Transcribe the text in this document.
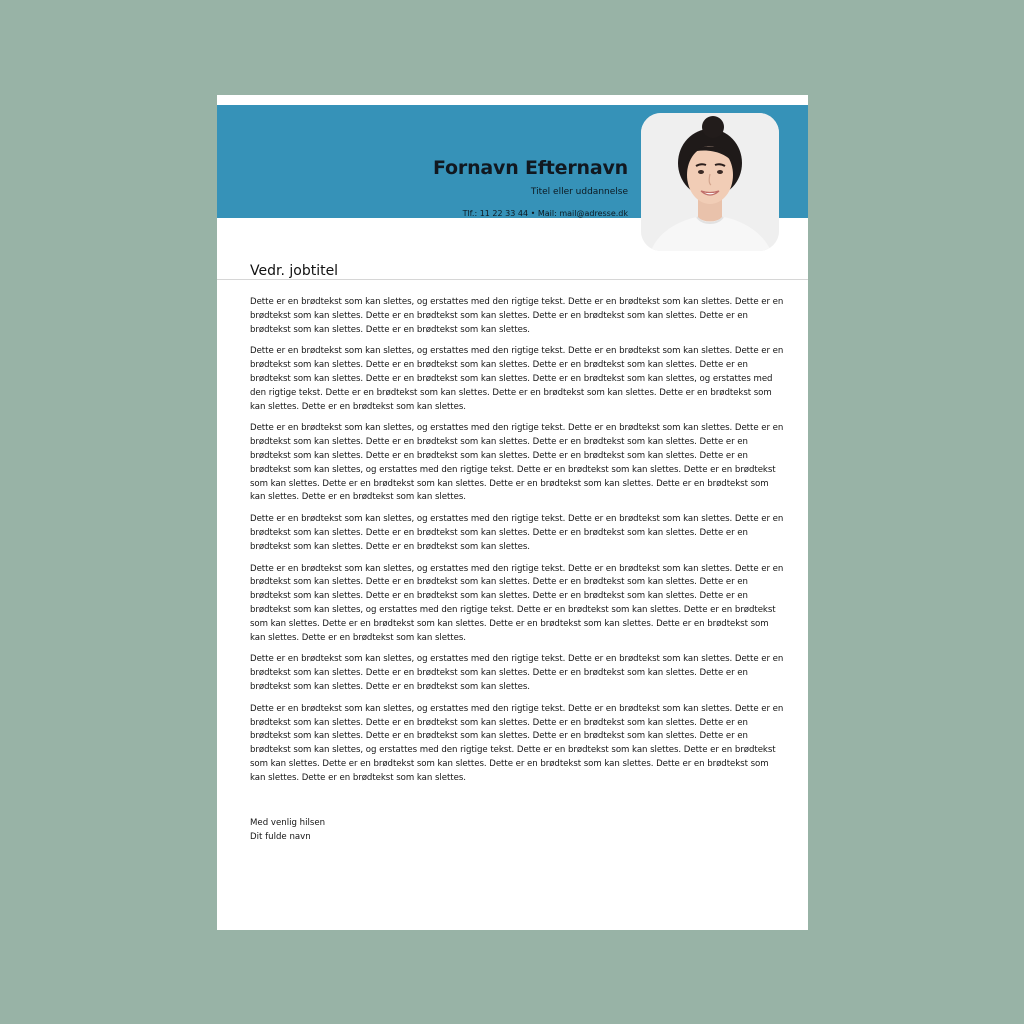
Fornavn Efternavn
Titel eller uddannelse
Tlf.: 11 22 33 44 • Mail: mail@adresse.dk
Vedr. jobtitel

Dette er en brødtekst som kan slettes, og erstattes med den rigtige tekst. Dette er en brødtekst som kan slettes. Dette er en brødtekst som kan slettes. Dette er en brødtekst som kan slettes. Dette er en brødtekst som kan slettes. Dette er en brødtekst som kan slettes. Dette er en brødtekst som kan slettes.

Dette er en brødtekst som kan slettes, og erstattes med den rigtige tekst. Dette er en brødtekst som kan slettes. Dette er en brødtekst som kan slettes. Dette er en brødtekst som kan slettes. Dette er en brødtekst som kan slettes. Dette er en brødtekst som kan slettes. Dette er en brødtekst som kan slettes. Dette er en brødtekst som kan slettes, og erstattes med den rigtige tekst. Dette er en brødtekst som kan slettes. Dette er en brødtekst som kan slettes. Dette er en brødtekst som kan slettes. Dette er en brødtekst som kan slettes.

Dette er en brødtekst som kan slettes, og erstattes med den rigtige tekst. Dette er en brødtekst som kan slettes. Dette er en brødtekst som kan slettes. Dette er en brødtekst som kan slettes. Dette er en brødtekst som kan slettes. Dette er en brødtekst som kan slettes. Dette er en brødtekst som kan slettes. Dette er en brødtekst som kan slettes. Dette er en brødtekst som kan slettes, og erstattes med den rigtige tekst. Dette er en brødtekst som kan slettes. Dette er en brødtekst som kan slettes. Dette er en brødtekst som kan slettes. Dette er en brødtekst som kan slettes. Dette er en brødtekst som kan slettes. Dette er en brødtekst som kan slettes.

Dette er en brødtekst som kan slettes, og erstattes med den rigtige tekst. Dette er en brødtekst som kan slettes. Dette er en brødtekst som kan slettes. Dette er en brødtekst som kan slettes. Dette er en brødtekst som kan slettes. Dette er en brødtekst som kan slettes. Dette er en brødtekst som kan slettes.

Dette er en brødtekst som kan slettes, og erstattes med den rigtige tekst. Dette er en brødtekst som kan slettes. Dette er en brødtekst som kan slettes. Dette er en brødtekst som kan slettes. Dette er en brødtekst som kan slettes. Dette er en brødtekst som kan slettes. Dette er en brødtekst som kan slettes. Dette er en brødtekst som kan slettes. Dette er en brødtekst som kan slettes, og erstattes med den rigtige tekst. Dette er en brødtekst som kan slettes. Dette er en brødtekst som kan slettes. Dette er en brødtekst som kan slettes. Dette er en brødtekst som kan slettes. Dette er en brødtekst som kan slettes. Dette er en brødtekst som kan slettes.

Dette er en brødtekst som kan slettes, og erstattes med den rigtige tekst. Dette er en brødtekst som kan slettes. Dette er en brødtekst som kan slettes. Dette er en brødtekst som kan slettes. Dette er en brødtekst som kan slettes. Dette er en brødtekst som kan slettes. Dette er en brødtekst som kan slettes.

Dette er en brødtekst som kan slettes, og erstattes med den rigtige tekst. Dette er en brødtekst som kan slettes. Dette er en brødtekst som kan slettes. Dette er en brødtekst som kan slettes. Dette er en brødtekst som kan slettes. Dette er en brødtekst som kan slettes. Dette er en brødtekst som kan slettes. Dette er en brødtekst som kan slettes. Dette er en brødtekst som kan slettes, og erstattes med den rigtige tekst. Dette er en brødtekst som kan slettes. Dette er en brødtekst som kan slettes. Dette er en brødtekst som kan slettes. Dette er en brødtekst som kan slettes. Dette er en brødtekst som kan slettes. Dette er en brødtekst som kan slettes.

Med venlig hilsen
Dit fulde navn
